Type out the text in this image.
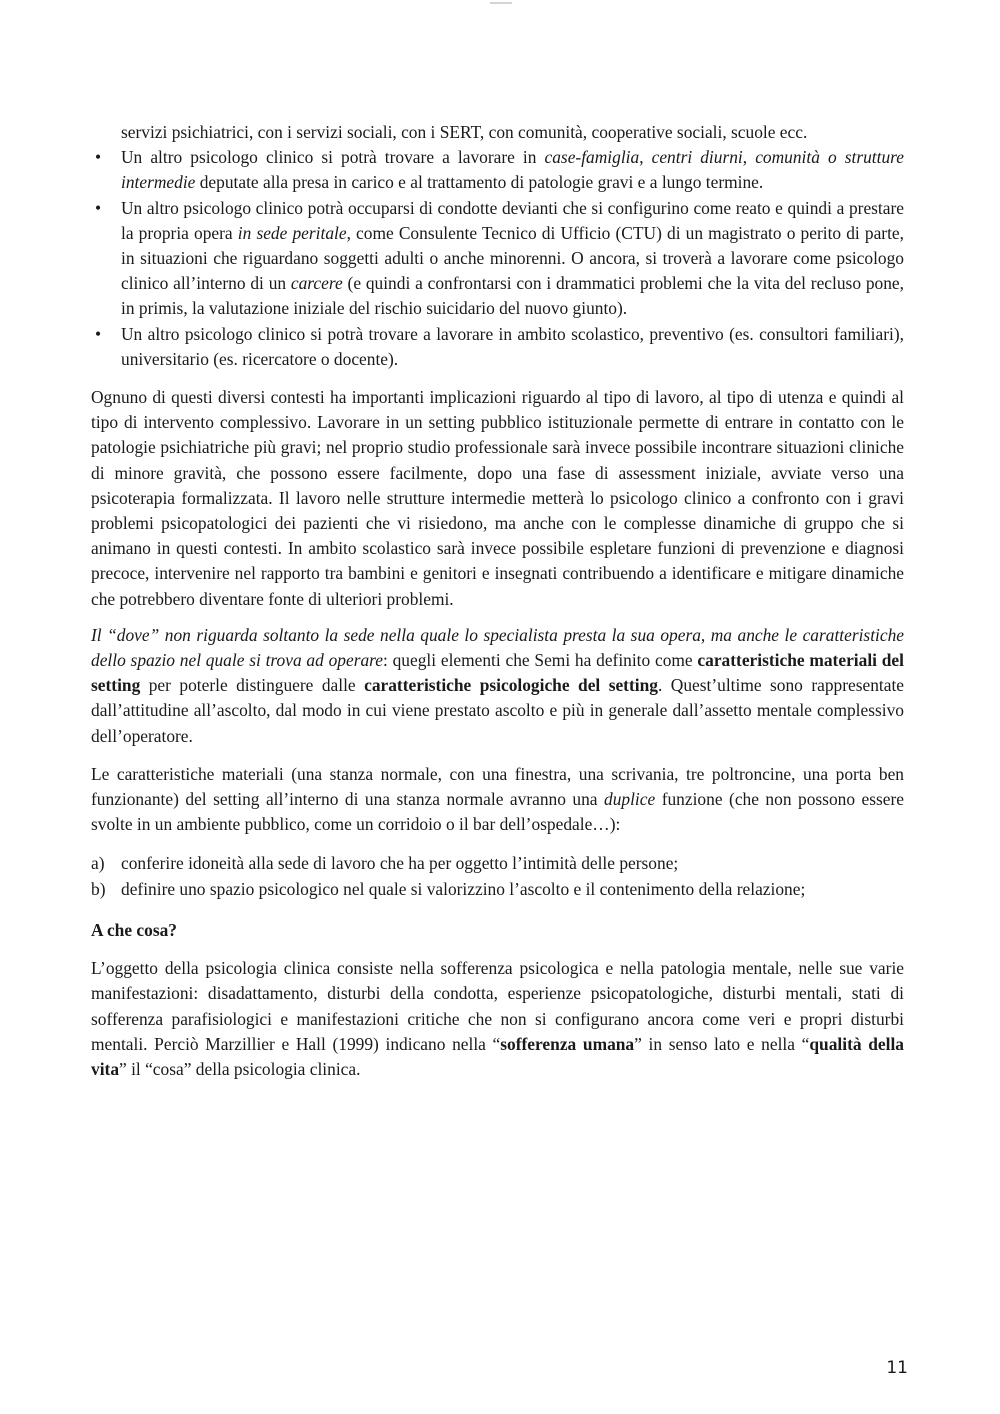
servizi psichiatrici, con i servizi sociali, con i SERT, con comunità, cooperative sociali, scuole ecc.

• Un altro psicologo clinico si potrà trovare a lavorare in case-famiglia, centri diurni, comunità o strutture intermedie deputate alla presa in carico e al trattamento di patologie gravi e a lungo termine.
• Un altro psicologo clinico potrà occuparsi di condotte devianti che si configurino come reato e quindi a prestare la propria opera in sede peritale, come Consulente Tecnico di Ufficio (CTU) di un magistrato o perito di parte, in situazioni che riguardano soggetti adulti o anche minorenni. O ancora, si troverà a lavorare come psicologo clinico all’interno di un carcere (e quindi a confrontarsi con i drammatici problemi che la vita del recluso pone, in primis, la valutazione iniziale del rischio suicidario del nuovo giunto).
• Un altro psicologo clinico si potrà trovare a lavorare in ambito scolastico, preventivo (es. consultori familiari), universitario (es. ricercatore o docente).

Ognuno di questi diversi contesti ha importanti implicazioni riguardo al tipo di lavoro, al tipo di utenza e quindi al tipo di intervento complessivo. Lavorare in un setting pubblico istituzionale permette di entrare in contatto con le patologie psichiatriche più gravi; nel proprio studio professionale sarà invece possibile incontrare situazioni cliniche di minore gravità, che possono essere facilmente, dopo una fase di assessment iniziale, avviate verso una psicoterapia formalizzata. Il lavoro nelle strutture intermedie metterà lo psicologo clinico a confronto con i gravi problemi psicopatologici dei pazienti che vi risiedono, ma anche con le complesse dinamiche di gruppo che si animano in questi contesti. In ambito scolastico sarà invece possibile espletare funzioni di prevenzione e diagnosi precoce, intervenire nel rapporto tra bambini e genitori e insegnati contribuendo a identificare e mitigare dinamiche che potrebbero diventare fonte di ulteriori problemi.

Il “dove” non riguarda soltanto la sede nella quale lo specialista presta la sua opera, ma anche le caratteristiche dello spazio nel quale si trova ad operare: quegli elementi che Semi ha definito come caratteristiche materiali del setting per poterle distinguere dalle caratteristiche psicologiche del setting. Quest’ultime sono rappresentate dall’attitudine all’ascolto, dal modo in cui viene prestato ascolto e più in generale dall’assetto mentale complessivo dell’operatore.

Le caratteristiche materiali (una stanza normale, con una finestra, una scrivania, tre poltroncine, una porta ben funzionante) del setting all’interno di una stanza normale avranno una duplice funzione (che non possono essere svolte in un ambiente pubblico, come un corridoio o il bar dell’ospedale…):

a) conferire idoneità alla sede di lavoro che ha per oggetto l’intimità delle persone;
b) definire uno spazio psicologico nel quale si valorizzino l’ascolto e il contenimento della relazione;

A che cosa?

L’oggetto della psicologia clinica consiste nella sofferenza psicologica e nella patologia mentale, nelle sue varie manifestazioni: disadattamento, disturbi della condotta, esperienze psicopatologiche, disturbi mentali, stati di sofferenza parafisiologici e manifestazioni critiche che non si configurano ancora come veri e propri disturbi mentali. Perciò Marzillier e Hall (1999) indicano nella “sofferenza umana” in senso lato e nella “qualità della vita” il “cosa” della psicologia clinica.

11
